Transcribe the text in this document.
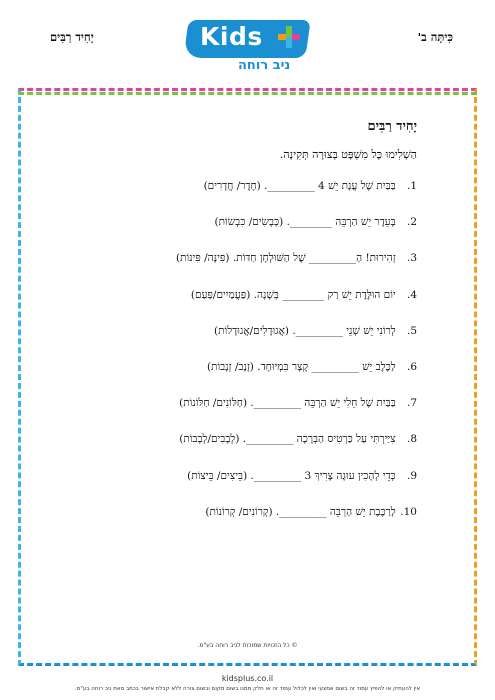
כִּיתָּה ב'
יָחִיד רַבִּים	Kids
ניב רוחה
יָחִיד רַבִּים
הַשְׁלִימוּ כָּל מִשְׁפָּט בְּצוּרָה תְּקִינָה.
1. בַּבַּיִת שֶׁל עֲנָת יֵשׁ 4 _________. (חֶדֶר/ חֲדָרִים)
2. בָּעֵדֶר יֵשׁ הַרְבֵּה ________. (כְּבָשִׂים/ כִּבְשׂוֹת)
3. זְהִירוּת! הַ_________ שֶׁל הַשּׁוּלְחָן חַדּוֹת. (פִּינָּה/ פִּינּוֹת)
4. יוֹם הוּלֶּדֶת יֵשׁ רַק ________ בְּשָׁנָה. (פַּעֲמַיִים/פַּעַם)
5. לְרוֹנִי יֵשׁ שְׁנֵי _________. (אֲגוּדָלִים/אֲגוּדָלוֹת)
6. לַכֶּלֶב יֵשׁ _________ קָצָר בִּמְיוּחָד. (זָנָב/ זְנָבוֹת)
7. בַּבַּיִת שֶׁל חֵלִי יֵשׁ הַרְבֵּה _________. (חַלּוֹנִים/ חַלּוֹנוֹת)
8. צִיַּירְתִּי עַל כַּרְטִיס הַבְּרָכָה _________. (לְבָבִים/לְבָבוֹת)
9. כְּדֵי לְהָכִין עוּגָה צָרִיךְ 3 _________. (בֵּיצִים/ בֵּיצוֹת)
10. לָרַכֶּבֶת יֵשׁ הַרְבֵּה _________. (קְרוֹנִים/ קְרוֹנוֹת)
© כל הזכויות שמורות לניב רוחה בע"מ.
kidsplus.co.il
אין להעתיק או להפיץ עמוד זה בשום אמצעי ואין לכלול עמוד זה או חלק ממנו בשום מקום ובשום צורה ללא קבלת אישור בכתב מאת ניב רוחה בע"מ.
